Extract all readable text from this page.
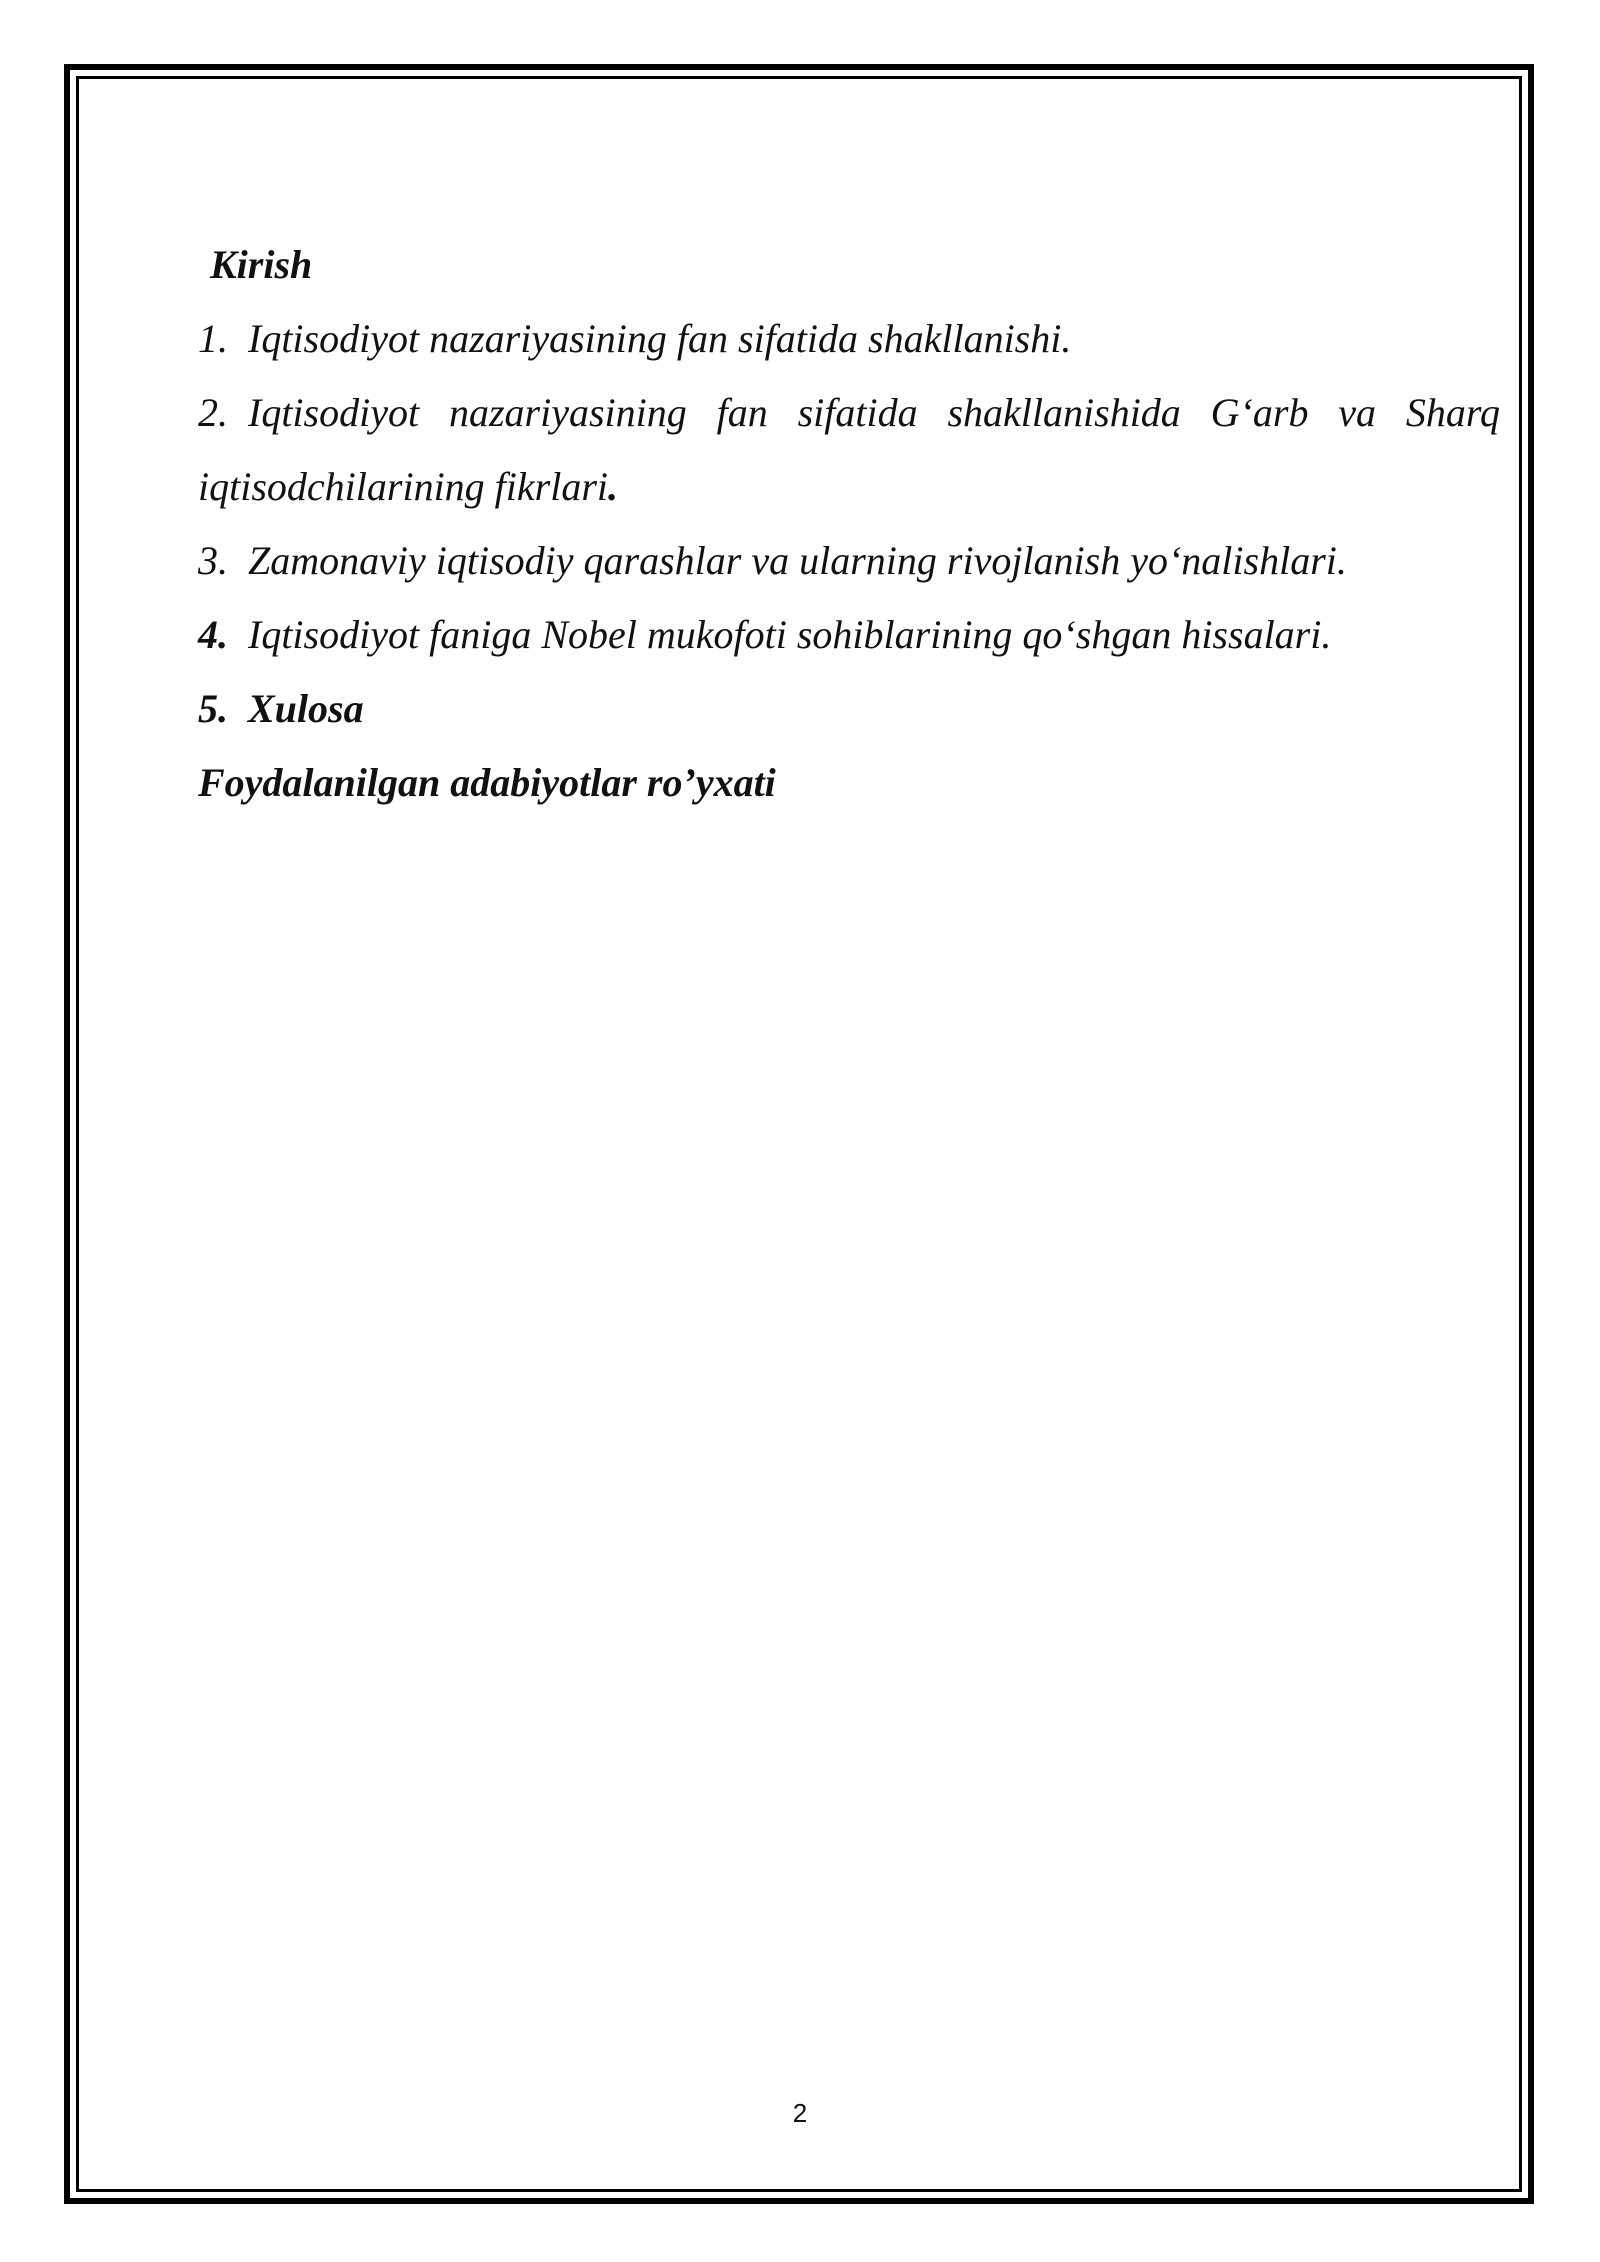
Kirish

1. Iqtisodiyot nazariyasining fan sifatida shakllanishi.

2. Iqtisodiyot nazariyasining fan sifatida shakllanishida G‘arb va Sharq

iqtisodchilarining fikrlari.

3. Zamonaviy iqtisodiy qarashlar va ularning rivojlanish yo‘nalishlari.

4. Iqtisodiyot faniga Nobel mukofoti sohiblarining qo‘shgan hissalari.

5. Xulosa

Foydalanilgan adabiyotlar ro’yxati

2
